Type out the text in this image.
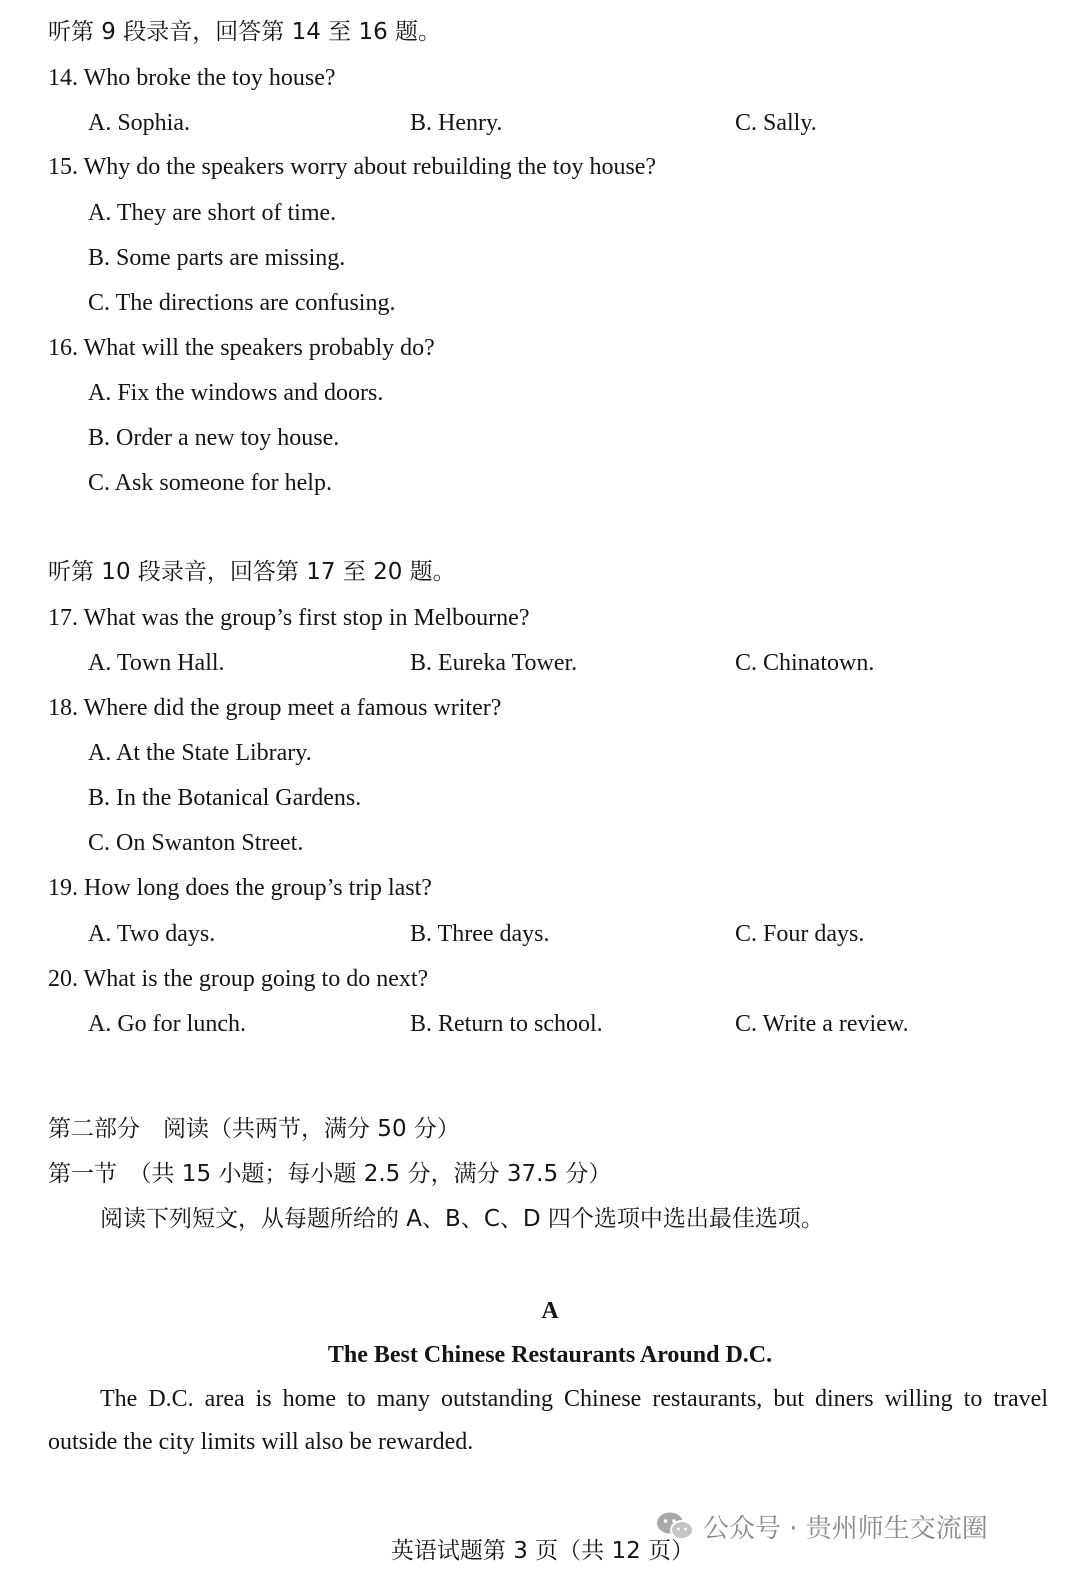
听第 9 段录音，回答第 14 至 16 题。
14. Who broke the toy house?
A. Sophia.	B. Henry.	C. Sally.
15. Why do the speakers worry about rebuilding the toy house?
A. They are short of time.
B. Some parts are missing.
C. The directions are confusing.
16. What will the speakers probably do?
A. Fix the windows and doors.
B. Order a new toy house.
C. Ask someone for help.
听第 10 段录音，回答第 17 至 20 题。
17. What was the group’s first stop in Melbourne?
A. Town Hall.	B. Eureka Tower.	C. Chinatown.
18. Where did the group meet a famous writer?
A. At the State Library.
B. In the Botanical Gardens.
C. On Swanton Street.
19. How long does the group’s trip last?
A. Two days.	B. Three days.	C. Four days.
20. What is the group going to do next?
A. Go for lunch.	B. Return to school.	C. Write a review.
第二部分　阅读（共两节，满分 50 分）
第一节　（共 15 小题；每小题 2.5 分，满分 37.5 分）
阅读下列短文，从每题所给的 A、B、C、D 四个选项中选出最佳选项。
A
The Best Chinese Restaurants Around D.C.
The D.C. area is home to many outstanding Chinese restaurants, but diners willing to travel outside the city limits will also be rewarded.
公众号 · 贵州师生交流圈
英语试题第 3 页（共 12 页）
